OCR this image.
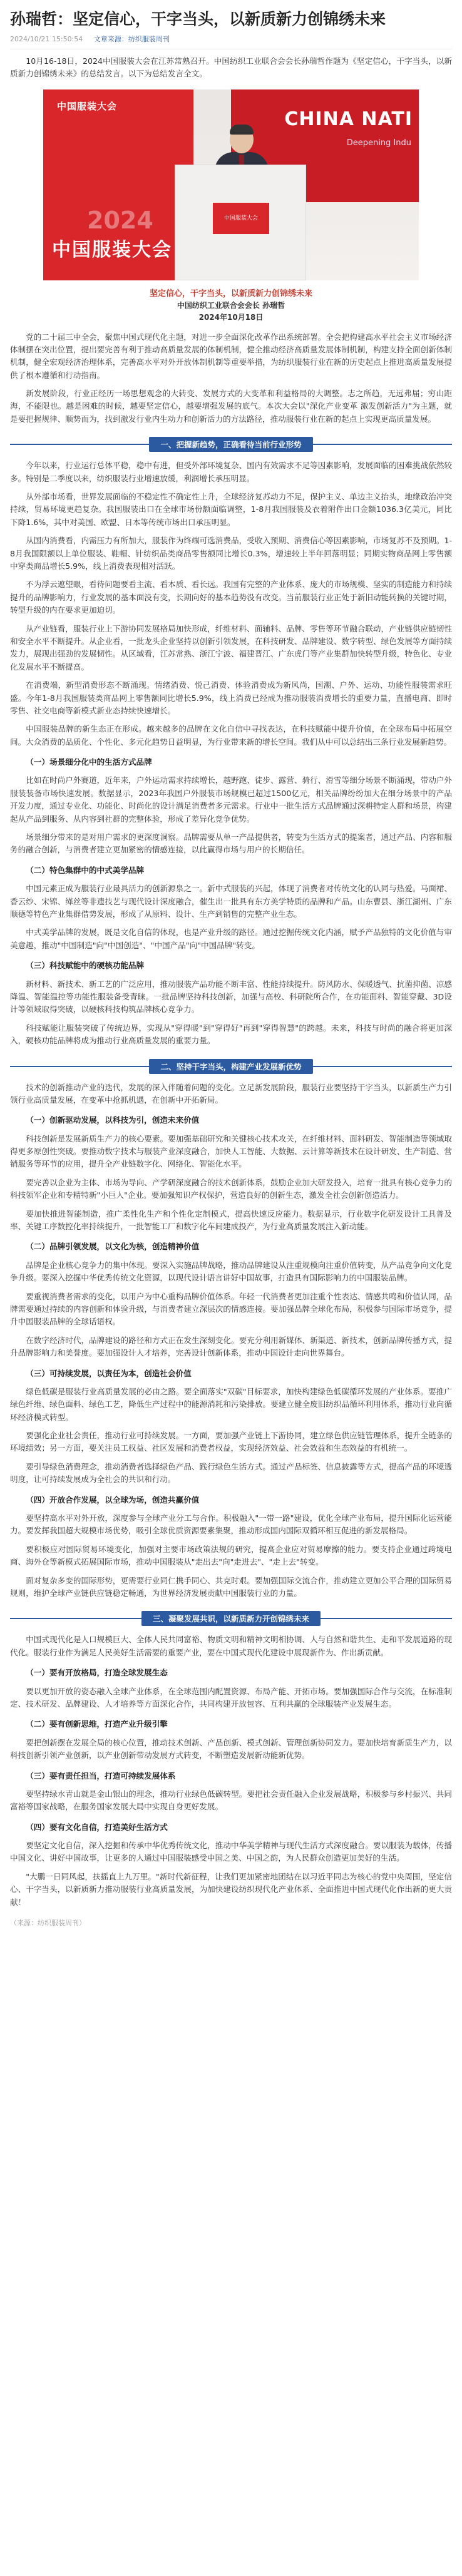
孙瑞哲：坚定信心，干字当头，以新质新力创锦绣未来
2024/10/21 15:50:54 文章来源：纺织服装周刊

10月16-18日，2024中国服装大会在江苏常熟召开。中国纺织工业联合会会长孙瑞哲作题为《坚定信心，干字当头，以新质新力创锦绣未来》的总结发言。以下为总结发言全文。

中国服装大会
2024
中国服装大会
CHINA NATI
Deepening Indu
中国服装大会
坚定信心，干字当头，以新质新力创锦绣未来
中国纺织工业联合会会长 孙瑞哲
2024年10月18日

党的二十届三中全会，聚焦中国式现代化主题，对进一步全面深化改革作出系统部署。全会把构建高水平社会主义市场经济体制摆在突出位置，提出要完善有利于推动高质量发展的体制机制，健全推动经济高质量发展体制机制，构建支持全面创新体制机制，健全宏观经济治理体系，完善高水平对外开放体制机制等重要举措，为纺织服装行业在新的历史起点上推进高质量发展提供了根本遵循和行动指南。

新发展阶段，行业正经历一场思想观念的大转变、发展方式的大变革和利益格局的大调整。志之所趋，无远弗届；穷山距海，不能限也。越是困难的时候，越要坚定信心，越要增强发展的底气。本次大会以"深化产业变革 激发创新活力"为主题，就是要把握规律、顺势而为，找到激发行业内生动力和创新活力的方法路径，推动服装行业在新的起点上实现更高质量发展。

一、把握新趋势，正确看待当前行业形势

今年以来，行业运行总体平稳，稳中有进，但受外部环境复杂、国内有效需求不足等因素影响，发展面临的困难挑战依然较多。特别是二季度以来，纺织服装行业增速放缓，利润增长承压明显。

从外部市场看，世界发展面临的不稳定性不确定性上升，全球经济复苏动力不足，保护主义、单边主义抬头，地缘政治冲突持续，贸易环境更趋复杂。我国服装出口在全球市场份额面临调整，1-8月我国服装及衣着附件出口金额1036.3亿美元，同比下降1.6%，其中对美国、欧盟、日本等传统市场出口承压明显。

从国内消费看，内需压力有所加大，服装作为终端可选消费品，受收入预期、消费信心等因素影响，市场复苏不及预期。1-8月我国限额以上单位服装、鞋帽、针纺织品类商品零售额同比增长0.3%，增速较上半年回落明显；同期实物商品网上零售额中穿类商品增长5.9%，线上消费表现相对活跃。

不为浮云遮望眼，看待问题要看主流、看本质、看长远。我国有完整的产业体系、庞大的市场规模、坚实的制造能力和持续提升的品牌影响力，行业发展的基本面没有变，长期向好的基本趋势没有改变。当前服装行业正处于新旧动能转换的关键时期，转型升级的内在要求更加迫切。

从产业链看，服装行业上下游协同发展格局加快形成，纤维材料、面辅料、品牌、零售等环节融合联动，产业链供应链韧性和安全水平不断提升。从企业看，一批龙头企业坚持以创新引领发展，在科技研发、品牌建设、数字转型、绿色发展等方面持续发力，展现出强劲的发展韧性。从区域看，江苏常熟、浙江宁波、福建晋江、广东虎门等产业集群加快转型升级，特色化、专业化发展水平不断提高。

在消费端，新型消费形态不断涌现。情绪消费、悦己消费、体验消费成为新风尚，国潮、户外、运动、功能性服装需求旺盛。今年1-8月我国服装类商品网上零售额同比增长5.9%，线上消费已经成为推动服装消费增长的重要力量，直播电商、即时零售、社交电商等新模式新业态持续快速增长。

中国服装品牌的新生态正在形成。越来越多的品牌在文化自信中寻找表达，在科技赋能中提升价值，在全球布局中拓展空间。大众消费的品质化、个性化、多元化趋势日益明显，为行业带来新的增长空间。我们从中可以总结出三条行业发展新趋势。

（一）场景细分化中的生活方式品牌

比如在时尚户外赛道，近年来，户外运动需求持续增长，越野跑、徒步、露营、骑行、滑雪等细分场景不断涌现，带动户外服装装备市场快速发展。数据显示，2023年我国户外服装市场规模已超过1500亿元，相关品牌纷纷加大在细分场景中的产品开发力度，通过专业化、功能化、时尚化的设计满足消费者多元需求。行业中一批生活方式品牌通过深耕特定人群和场景，构建起从产品到服务、从内容到社群的完整体验，形成了差异化竞争优势。

场景细分带来的是对用户需求的更深度洞察。品牌需要从单一产品提供者，转变为生活方式的提案者，通过产品、内容和服务的融合创新，与消费者建立更加紧密的情感连接，以此赢得市场与用户的长期信任。

（二）特色集群中的中式美学品牌

中国元素正成为服装行业最具活力的创新源泉之一。新中式服装的兴起，体现了消费者对传统文化的认同与热爱。马面裙、香云纱、宋锦、缂丝等非遗技艺与现代设计深度融合，催生出一批具有东方美学特质的品牌和产品。山东曹县、浙江湖州、广东顺德等特色产业集群借势发展，形成了从原料、设计、生产到销售的完整产业生态。

中式美学品牌的发展，既是文化自信的体现，也是产业升级的路径。通过挖掘传统文化内涵，赋予产品独特的文化价值与审美意趣，推动"中国制造"向"中国创造"、"中国产品"向"中国品牌"转变。

（三）科技赋能中的硬核功能品牌

新材料、新技术、新工艺的广泛应用，推动服装产品功能不断丰富、性能持续提升。防风防水、保暖透气、抗菌抑菌、凉感降温、智能温控等功能性服装备受青睐。一批品牌坚持科技创新，加强与高校、科研院所合作，在功能面料、智能穿戴、3D设计等领域取得突破，以硬核科技构筑品牌核心竞争力。

科技赋能让服装突破了传统边界，实现从"穿得暖"到"穿得好"再到"穿得智慧"的跨越。未来，科技与时尚的融合将更加深入，硬核功能品牌将成为推动行业高质量发展的重要力量。

二、坚持干字当头，构建产业发展新优势

技术的创新推动产业的迭代，发展的深入伴随着问题的变化。立足新发展阶段，服装行业要坚持干字当头，以新质生产力引领行业高质量发展，在变革中抢抓机遇，在创新中开拓新局。

（一）创新驱动发展，以科技为引，创造未来价值

科技创新是发展新质生产力的核心要素。要加强基础研究和关键核心技术攻关，在纤维材料、面料研发、智能制造等领域取得更多原创性突破。要推动数字技术与服装产业深度融合，加快人工智能、大数据、云计算等新技术在设计研发、生产制造、营销服务等环节的应用，提升全产业链数字化、网络化、智能化水平。

要完善以企业为主体、市场为导向、产学研深度融合的技术创新体系，鼓励企业加大研发投入，培育一批具有核心竞争力的科技领军企业和专精特新"小巨人"企业。要加强知识产权保护，营造良好的创新生态，激发全社会创新创造活力。

要加快推进智能制造，推广柔性化生产和个性化定制模式，提高快速反应能力。数据显示，行业数字化研发设计工具普及率、关键工序数控化率持续提升，一批智能工厂和数字化车间建成投产，为行业高质量发展注入新动能。

（二）品牌引领发展，以文化为核，创造精神价值

品牌是企业核心竞争力的集中体现。要深入实施品牌战略，推动品牌建设从注重规模向注重价值转变，从产品竞争向文化竞争升级。要深入挖掘中华优秀传统文化资源，以现代设计语言讲好中国故事，打造具有国际影响力的中国服装品牌。

要重视消费者需求的变化，以用户为中心重构品牌价值体系。年轻一代消费者更加注重个性表达、情感共鸣和价值认同，品牌需要通过持续的内容创新和体验升级，与消费者建立深层次的情感连接。要加强品牌全球化布局，积极参与国际市场竞争，提升中国服装品牌的全球话语权。

在数字经济时代，品牌建设的路径和方式正在发生深刻变化。要充分利用新媒体、新渠道、新技术，创新品牌传播方式，提升品牌影响力和美誉度。要加强设计人才培养，完善设计创新体系，推动中国设计走向世界舞台。

（三）可持续发展，以责任为本，创造社会价值

绿色低碳是服装行业高质量发展的必由之路。要全面落实"双碳"目标要求，加快构建绿色低碳循环发展的产业体系。要推广绿色纤维、绿色面料、绿色工艺，降低生产过程中的能源消耗和污染排放。要建立健全废旧纺织品循环利用体系，推动行业向循环经济模式转型。

要强化企业社会责任，推动行业可持续发展。一方面，要加强产业链上下游协同，建立绿色供应链管理体系，提升全链条的环境绩效；另一方面，要关注员工权益、社区发展和消费者权益，实现经济效益、社会效益和生态效益的有机统一。

要引导绿色消费理念，推动消费者选择绿色产品、践行绿色生活方式。通过产品标签、信息披露等方式，提高产品的环境透明度，让可持续发展成为全社会的共识和行动。

（四）开放合作发展，以全球为场，创造共赢价值

要坚持高水平对外开放，深度参与全球产业分工与合作。积极融入"一带一路"建设，优化全球产业布局，提升国际化运营能力。要发挥我国超大规模市场优势，吸引全球优质资源要素集聚，推动形成国内国际双循环相互促进的新发展格局。

要积极应对国际贸易环境变化，加强对主要市场政策法规的研究，提高企业应对贸易摩擦的能力。要支持企业通过跨境电商、海外仓等新模式拓展国际市场，推动中国服装从"走出去"向"走进去"、"走上去"转变。

面对复杂多变的国际形势，更需要行业同仁携手同心、共克时艰。要加强国际交流合作，推动建立更加公平合理的国际贸易规则，维护全球产业链供应链稳定畅通，为世界经济发展贡献中国服装行业的力量。

三、凝聚发展共识，以新质新力开创锦绣未来

中国式现代化是人口规模巨大、全体人民共同富裕、物质文明和精神文明相协调、人与自然和谐共生、走和平发展道路的现代化。服装行业作为满足人民美好生活需要的重要产业，要在中国式现代化建设中展现新作为、作出新贡献。

（一）要有开放格局，打造全球发展生态

要以更加开放的姿态融入全球产业体系，在全球范围内配置资源、布局产能、开拓市场。要加强国际合作与交流，在标准制定、技术研发、品牌建设、人才培养等方面深化合作，共同构建开放包容、互利共赢的全球服装产业发展生态。

（二）要有创新思维，打造产业升级引擎

要把创新摆在发展全局的核心位置，推动技术创新、产品创新、模式创新、管理创新协同发力。要加快培育新质生产力，以科技创新引领产业创新，以产业创新带动发展方式转变，不断塑造发展新动能新优势。

（三）要有责任担当，打造可持续发展体系

要坚持绿水青山就是金山银山的理念，推动行业绿色低碳转型。要把社会责任融入企业发展战略，积极参与乡村振兴、共同富裕等国家战略，在服务国家发展大局中实现自身更好发展。

（四）要有文化自信，打造美好生活方式

要坚定文化自信，深入挖掘和传承中华优秀传统文化，推动中华美学精神与现代生活方式深度融合。要以服装为载体，传播中国文化、讲好中国故事，让更多的人通过中国服装感受中国之美、中国之韵，为人民群众创造更加美好的生活。

"大鹏一日同风起，扶摇直上九万里。"新时代新征程，让我们更加紧密地团结在以习近平同志为核心的党中央周围，坚定信心、干字当头，以新质新力推动服装行业高质量发展，为加快建设纺织现代化产业体系、全面推进中国式现代化作出新的更大贡献！

（来源：纺织服装周刊）
